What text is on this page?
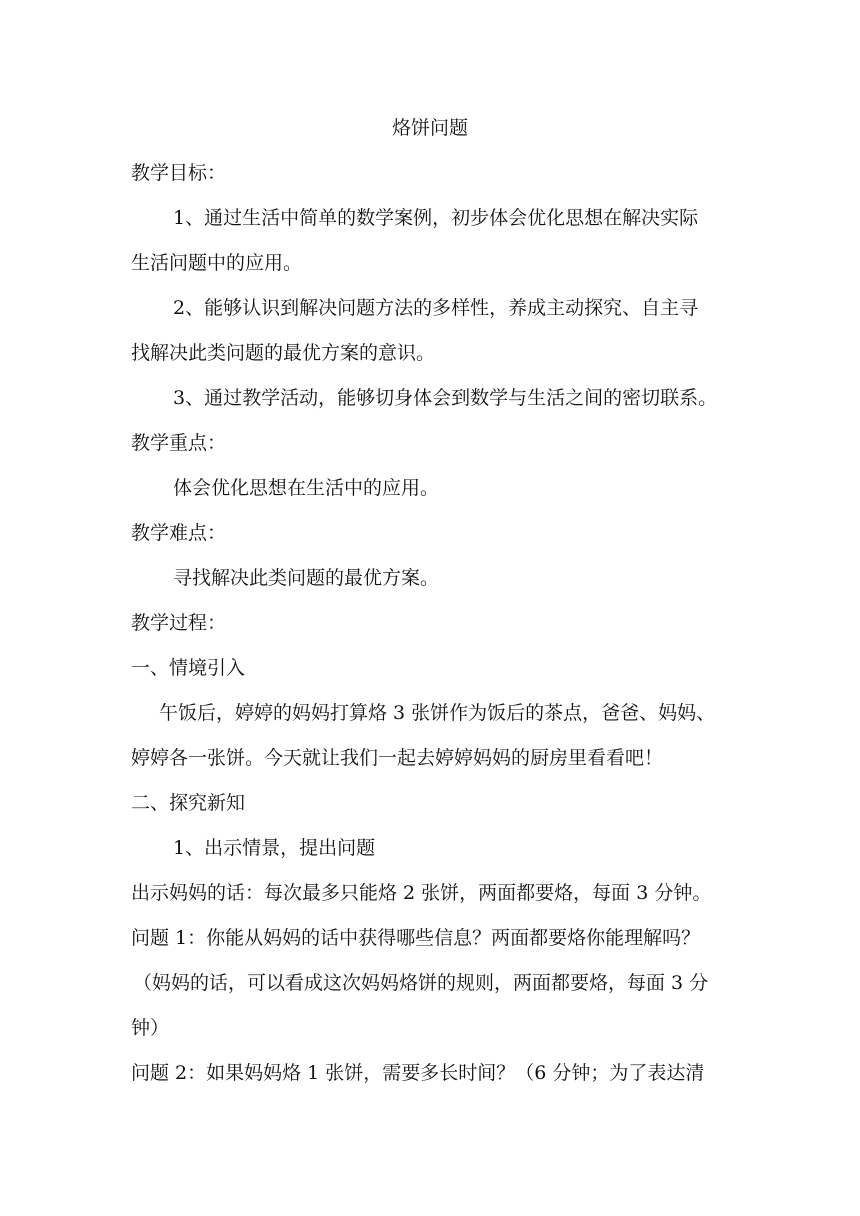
烙饼问题
教学目标：
1、通过生活中简单的数学案例，初步体会优化思想在解决实际
生活问题中的应用。
2、能够认识到解决问题方法的多样性，养成主动探究、自主寻
找解决此类问题的最优方案的意识。
3、通过教学活动，能够切身体会到数学与生活之间的密切联系。
教学重点：
体会优化思想在生活中的应用。
教学难点：
寻找解决此类问题的最优方案。
教学过程：
一、情境引入
午饭后，婷婷的妈妈打算烙 3 张饼作为饭后的茶点，爸爸、妈妈、
婷婷各一张饼。今天就让我们一起去婷婷妈妈的厨房里看看吧！
二、探究新知
1、出示情景，提出问题
出示妈妈的话：每次最多只能烙 2 张饼，两面都要烙，每面 3 分钟。
问题 1：你能从妈妈的话中获得哪些信息？两面都要烙你能理解吗？
（妈妈的话，可以看成这次妈妈烙饼的规则，两面都要烙，每面 3 分
钟）
问题 2：如果妈妈烙 1 张饼，需要多长时间？（6 分钟；为了表达清
